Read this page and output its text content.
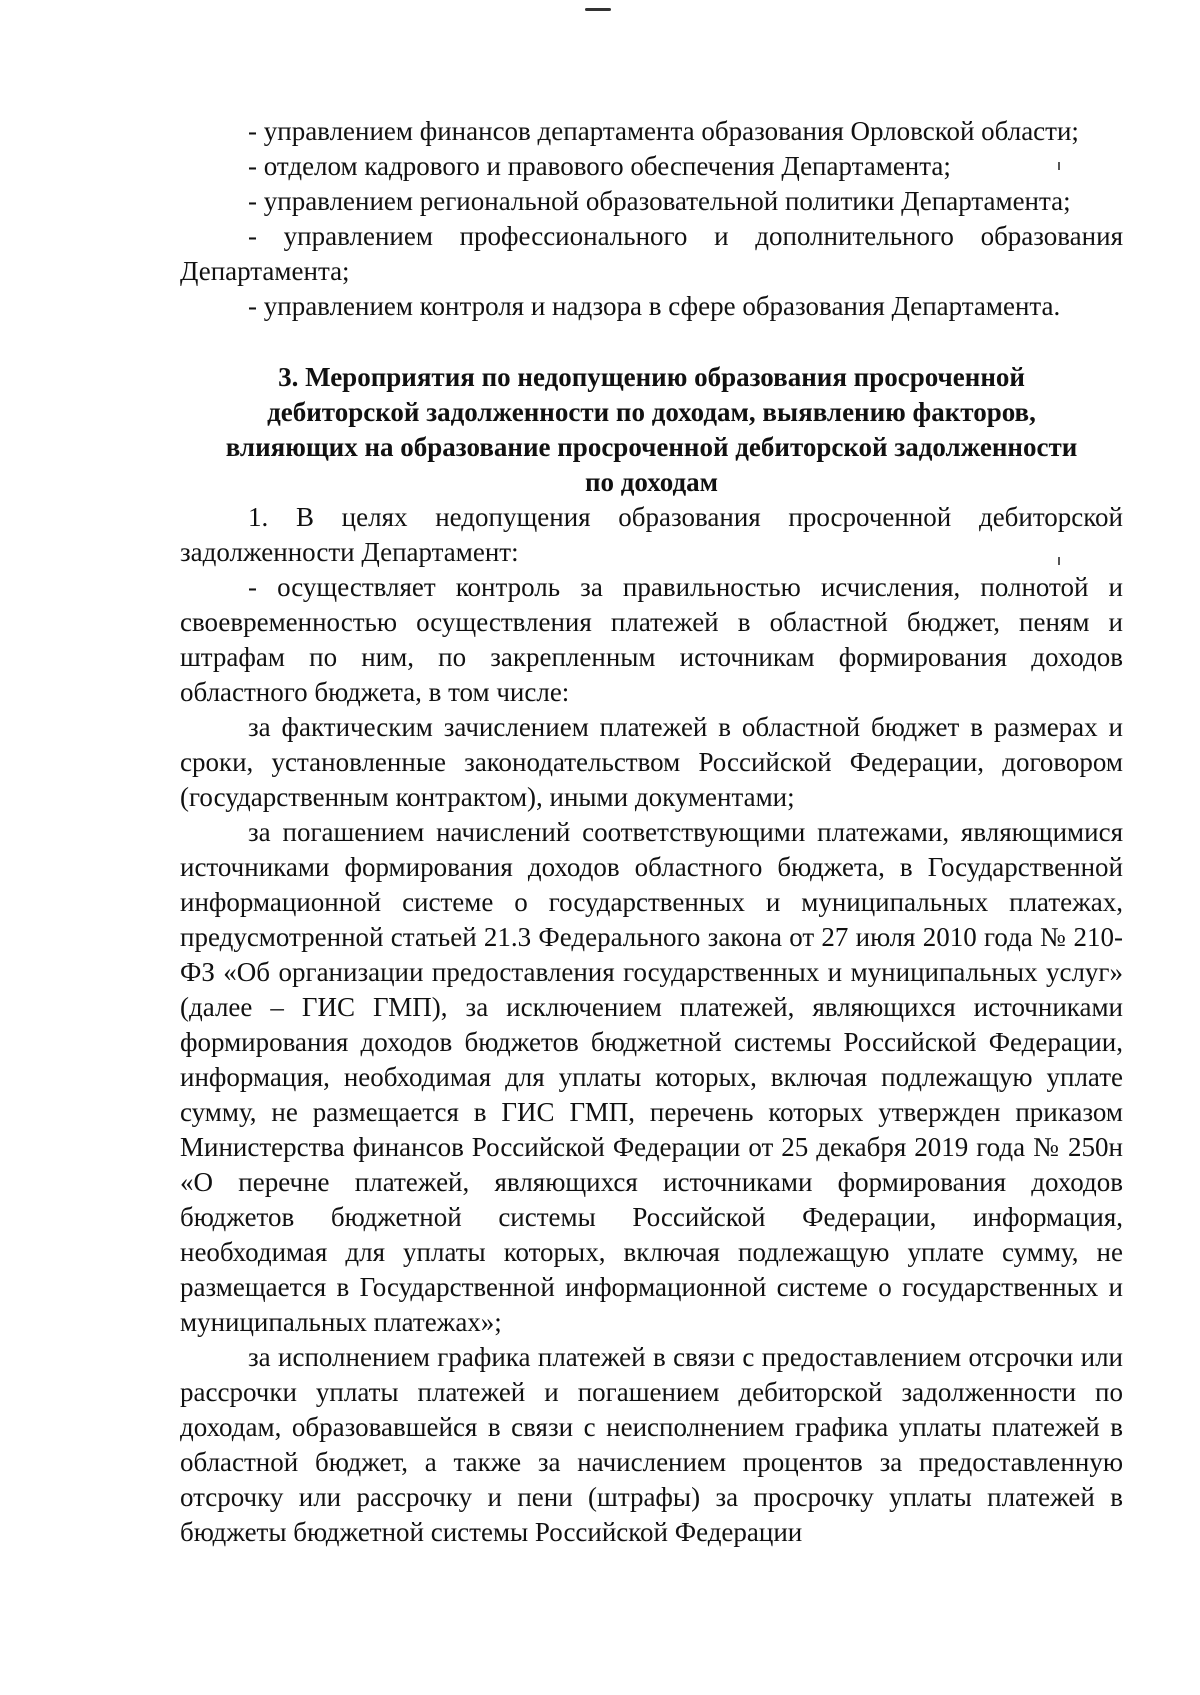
- управлением финансов департамента образования Орловской области;

- отделом кадрового и правового обеспечения Департамента;

- управлением региональной образовательной политики Департамента;

- управлением профессионального и дополнительного образования Департамента;

- управлением контроля и надзора в сфере образования Департамента.

3. Мероприятия по недопущению образования просроченной

дебиторской задолженности по доходам, выявлению факторов,

влияющих на образование просроченной дебиторской задолженности

по доходам

1. В целях недопущения образования просроченной дебиторской задолженности Департамент:

- осуществляет контроль за правильностью исчисления, полнотой и своевременностью осуществления платежей в областной бюджет, пеням и штрафам по ним, по закрепленным источникам формирования доходов областного бюджета, в том числе:

за фактическим зачислением платежей в областной бюджет в размерах и сроки, установленные законодательством Российской Федерации, договором (государственным контрактом), иными документами;

за погашением начислений соответствующими платежами, являющимися источниками формирования доходов областного бюджета, в Государственной информационной системе о государственных и муниципальных платежах, предусмотренной статьей 21.3 Федерального закона от 27 июля 2010 года № 210-ФЗ «Об организации предоставления государственных и муниципальных услуг» (далее – ГИС ГМП), за исключением платежей, являющихся источниками формирования доходов бюджетов бюджетной системы Российской Федерации, информация, необходимая для уплаты которых, включая подлежащую уплате сумму, не размещается в ГИС ГМП, перечень которых утвержден приказом Министерства финансов Российской Федерации от 25 декабря 2019 года № 250н «О перечне платежей, являющихся источниками формирования доходов бюджетов бюджетной системы Российской Федерации, информация, необходимая для уплаты которых, включая подлежащую уплате сумму, не размещается в Государственной информационной системе о государственных и муниципальных платежах»;

за исполнением графика платежей в связи с предоставлением отсрочки или рассрочки уплаты платежей и погашением дебиторской задолженности по доходам, образовавшейся в связи с неисполнением графика уплаты платежей в областной бюджет, а также за начислением процентов за предоставленную отсрочку или рассрочку и пени (штрафы) за просрочку уплаты платежей в бюджеты бюджетной системы Российской Федерации
